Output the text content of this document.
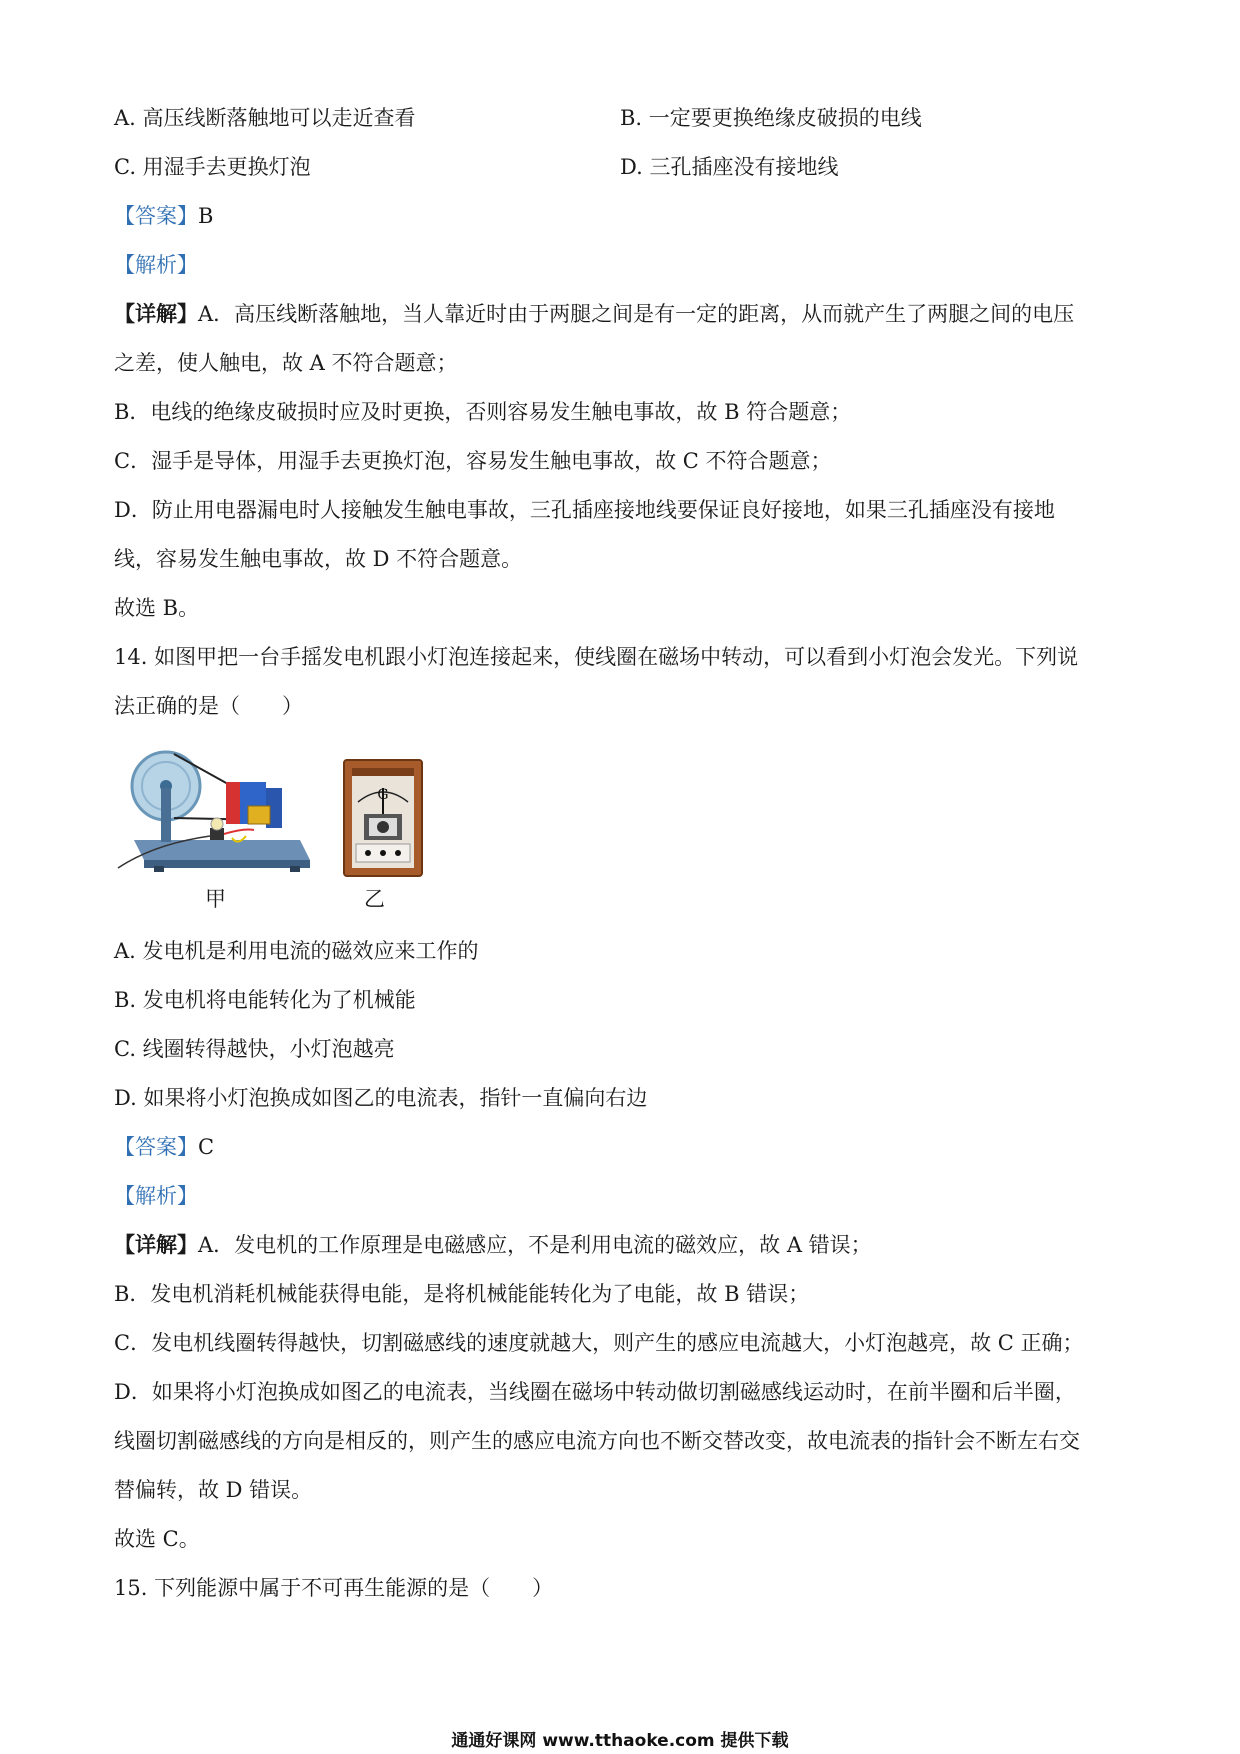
A. 高压线断落触地可以走近查看	B. 一定要更换绝缘皮破损的电线
C. 用湿手去更换灯泡	D. 三孔插座没有接地线
【答案】B
【解析】
【详解】A．高压线断落触地，当人靠近时由于两腿之间是有一定的距离，从而就产生了两腿之间的电压
之差，使人触电，故 A 不符合题意；
B．电线的绝缘皮破损时应及时更换，否则容易发生触电事故，故 B 符合题意；
C．湿手是导体，用湿手去更换灯泡，容易发生触电事故，故 C 不符合题意；
D．防止用电器漏电时人接触发生触电事故，三孔插座接地线要保证良好接地，如果三孔插座没有接地
线，容易发生触电事故，故 D 不符合题意。
故选 B。
14. 如图甲把一台手摇发电机跟小灯泡连接起来，使线圈在磁场中转动，可以看到小灯泡会发光。下列说
法正确的是（　　）
甲
G
乙
A. 发电机是利用电流的磁效应来工作的
B. 发电机将电能转化为了机械能
C. 线圈转得越快，小灯泡越亮
D. 如果将小灯泡换成如图乙的电流表，指针一直偏向右边
【答案】C
【解析】
【详解】A．发电机的工作原理是电磁感应，不是利用电流的磁效应，故 A 错误；
B．发电机消耗机械能获得电能，是将机械能能转化为了电能，故 B 错误；
C．发电机线圈转得越快，切割磁感线的速度就越大，则产生的感应电流越大，小灯泡越亮，故 C 正确；
D．如果将小灯泡换成如图乙的电流表，当线圈在磁场中转动做切割磁感线运动时，在前半圈和后半圈，
线圈切割磁感线的方向是相反的，则产生的感应电流方向也不断交替改变，故电流表的指针会不断左右交
替偏转，故 D 错误。
故选 C。
15. 下列能源中属于不可再生能源的是（　　）
通通好课网 www.tthaoke.com 提供下载
